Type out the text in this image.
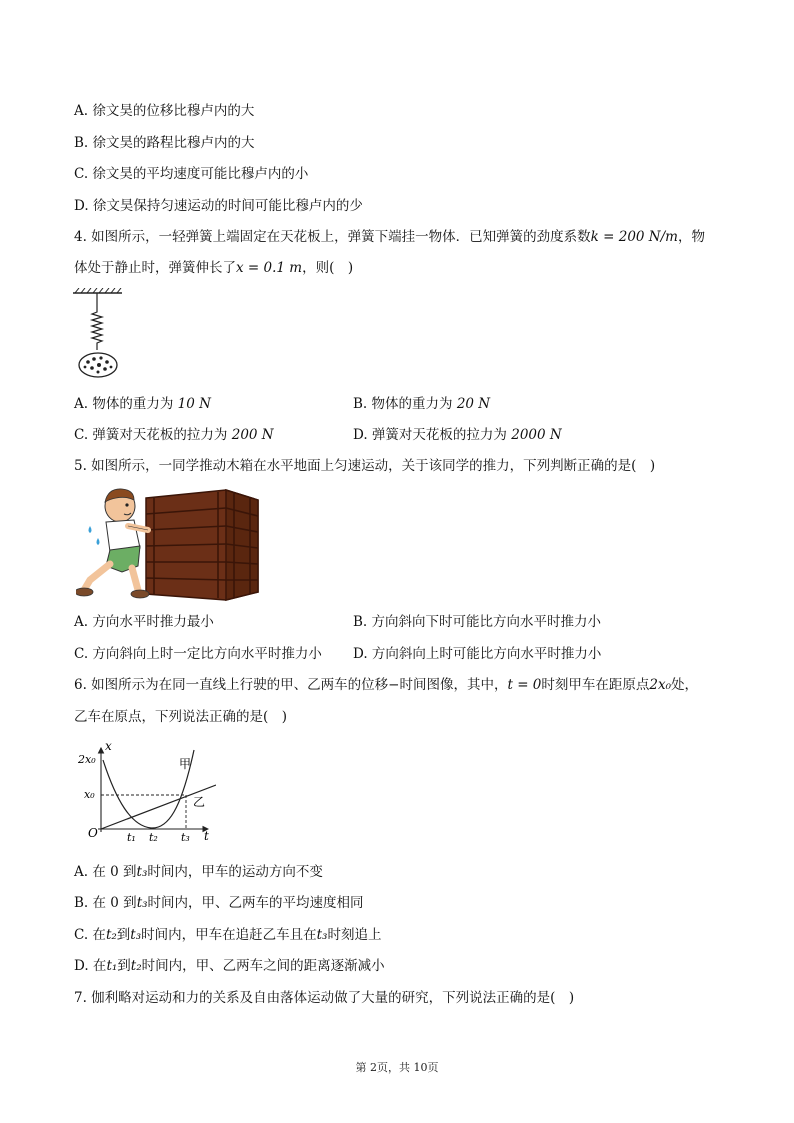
A. 徐文昊的位移比穆卢内的大
B. 徐文昊的路程比穆卢内的大
C. 徐文昊的平均速度可能比穆卢内的小
D. 徐文昊保持匀速运动的时间可能比穆卢内的少
4. 如图所示，一轻弹簧上端固定在天花板上，弹簧下端挂一物体．已知弹簧的劲度系数k = 200 N/m，物
体处于静止时，弹簧伸长了x = 0.1 m，则(　)
A. 物体的重力为 10 N	B. 物体的重力为 20 N
C. 弹簧对天花板的拉力为 200 N	D. 弹簧对天花板的拉力为 2000 N
5. 如图所示，一同学推动木箱在水平地面上匀速运动，关于该同学的推力，下列判断正确的是(　)
A. 方向水平时推力最小	B. 方向斜向下时可能比方向水平时推力小
C. 方向斜向上时一定比方向水平时推力小 D. 方向斜向上时可能比方向水平时推力小
6. 如图所示为在同一直线上行驶的甲、乙两车的位移−时间图像，其中，t = 0时刻甲车在距原点2x₀处，
乙车在原点，下列说法正确的是(　)
x
t
O
2x₀
x₀
t₁ t₂ t₃
甲
乙
A. 在 0 到t₃时间内，甲车的运动方向不变
B. 在 0 到t₃时间内，甲、乙两车的平均速度相同
C. 在t₂到t₃时间内，甲车在追赶乙车且在t₃时刻追上
D. 在t₁到t₂时间内，甲、乙两车之间的距离逐渐减小
7. 伽利略对运动和力的关系及自由落体运动做了大量的研究，下列说法正确的是(　)
第 2页，共 10页
